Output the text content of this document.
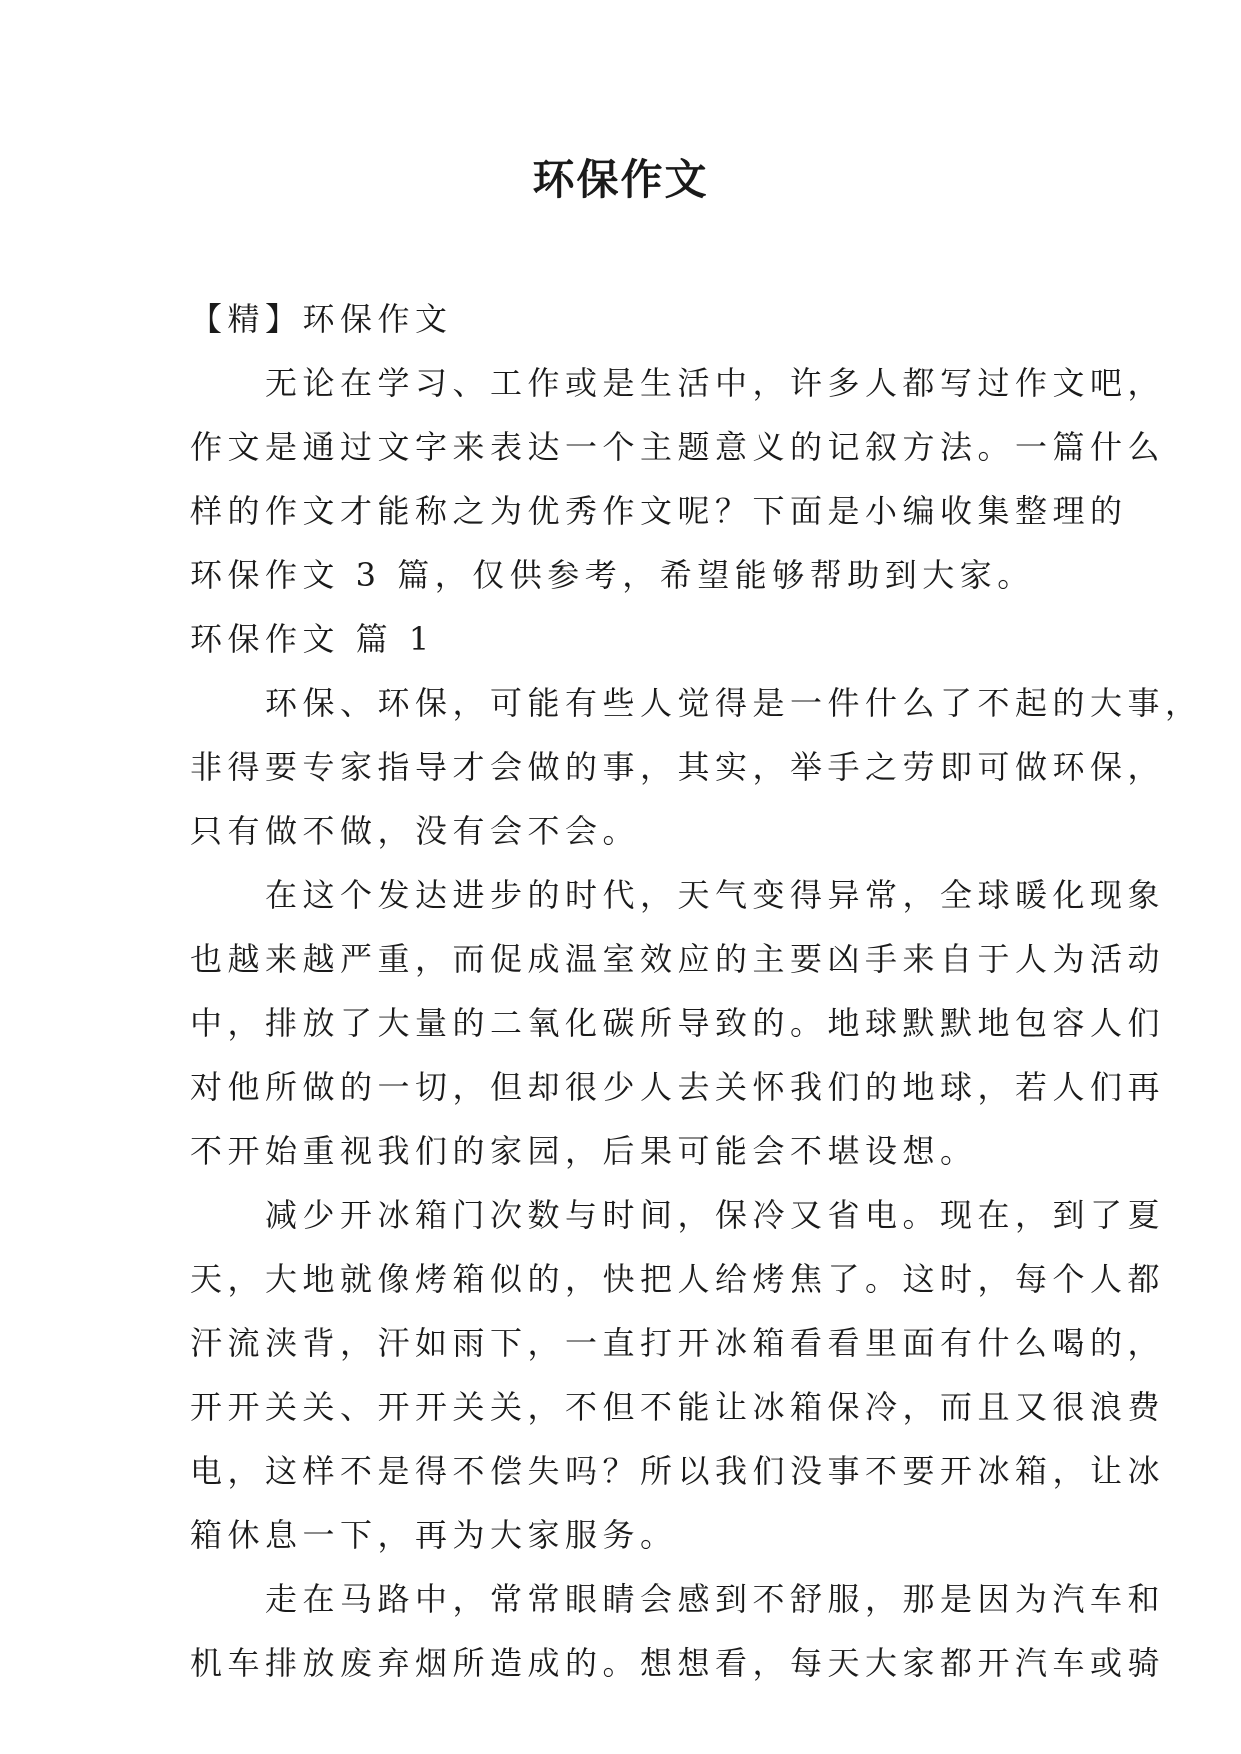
环保作文

【精】环保作文

　　无论在学习、工作或是生活中，许多人都写过作文吧，

作文是通过文字来表达一个主题意义的记叙方法。一篇什么

样的作文才能称之为优秀作文呢？下面是小编收集整理的

环保作文 3 篇，仅供参考，希望能够帮助到大家。

环保作文 篇 1

　　环保、环保，可能有些人觉得是一件什么了不起的大事，

非得要专家指导才会做的事，其实，举手之劳即可做环保，

只有做不做，没有会不会。

　　在这个发达进步的时代，天气变得异常，全球暖化现象

也越来越严重，而促成温室效应的主要凶手来自于人为活动

中，排放了大量的二氧化碳所导致的。地球默默地包容人们

对他所做的一切，但却很少人去关怀我们的地球，若人们再

不开始重视我们的家园，后果可能会不堪设想。

　　减少开冰箱门次数与时间，保冷又省电。现在，到了夏

天，大地就像烤箱似的，快把人给烤焦了。这时，每个人都

汗流浃背，汗如雨下，一直打开冰箱看看里面有什么喝的，

开开关关、开开关关，不但不能让冰箱保冷，而且又很浪费

电，这样不是得不偿失吗？所以我们没事不要开冰箱，让冰

箱休息一下，再为大家服务。

　　走在马路中，常常眼睛会感到不舒服，那是因为汽车和

机车排放废弃烟所造成的。想想看，每天大家都开汽车或骑
